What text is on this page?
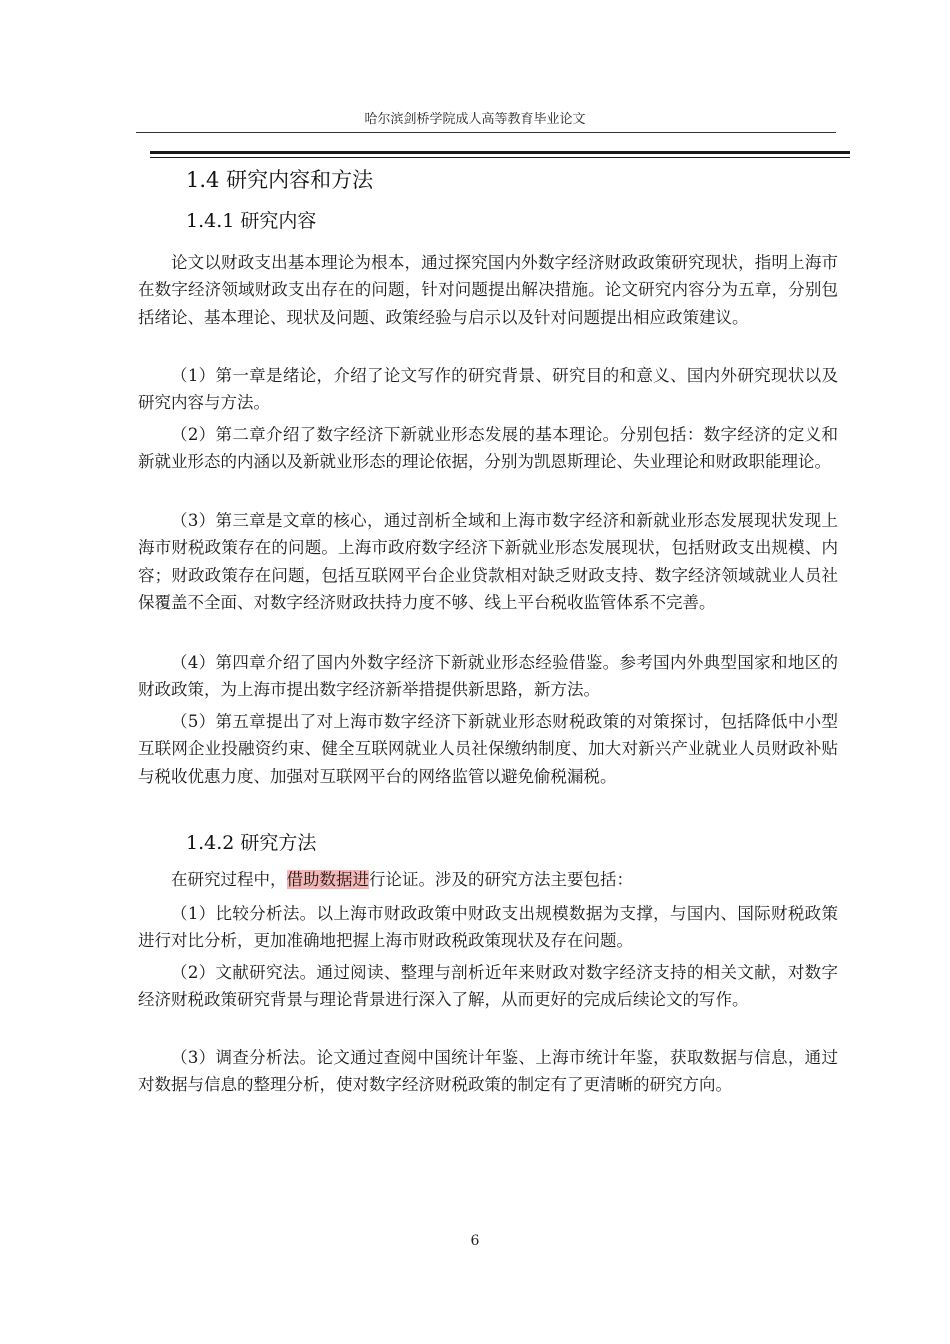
哈尔滨剑桥学院成人高等教育毕业论文
1.4 研究内容和方法
1.4.1 研究内容

论文以财政支出基本理论为根本，通过探究国内外数字经济财政政策研究现状，指明上海市在数字经济领域财政支出存在的问题，针对问题提出解决措施。论文研究内容分为五章，分别包括绪论、基本理论、现状及问题、政策经验与启示以及针对问题提出相应政策建议。

（1）第一章是绪论，介绍了论文写作的研究背景、研究目的和意义、国内外研究现状以及研究内容与方法。

（2）第二章介绍了数字经济下新就业形态发展的基本理论。分别包括：数字经济的定义和新就业形态的内涵以及新就业形态的理论依据，分别为凯恩斯理论、失业理论和财政职能理论。

（3）第三章是文章的核心，通过剖析全域和上海市数字经济和新就业形态发展现状发现上海市财税政策存在的问题。上海市政府数字经济下新就业形态发展现状，包括财政支出规模、内容；财政政策存在问题，包括互联网平台企业贷款相对缺乏财政支持、数字经济领域就业人员社保覆盖不全面、对数字经济财政扶持力度不够、线上平台税收监管体系不完善。

（4）第四章介绍了国内外数字经济下新就业形态经验借鉴。参考国内外典型国家和地区的财政政策，为上海市提出数字经济新举措提供新思路，新方法。

（5）第五章提出了对上海市数字经济下新就业形态财税政策的对策探讨，包括降低中小型互联网企业投融资约束、健全互联网就业人员社保缴纳制度、加大对新兴产业就业人员财政补贴与税收优惠力度、加强对互联网平台的网络监管以避免偷税漏税。

1.4.2 研究方法

在研究过程中，借助数据进行论证。涉及的研究方法主要包括：

（1）比较分析法。以上海市财政政策中财政支出规模数据为支撑，与国内、国际财税政策进行对比分析，更加准确地把握上海市财政税政策现状及存在问题。

（2）文献研究法。通过阅读、整理与剖析近年来财政对数字经济支持的相关文献，对数字经济财税政策研究背景与理论背景进行深入了解，从而更好的完成后续论文的写作。

（3）调查分析法。论文通过查阅中国统计年鉴、上海市统计年鉴，获取数据与信息，通过对数据与信息的整理分析，使对数字经济财税政策的制定有了更清晰的研究方向。

6
